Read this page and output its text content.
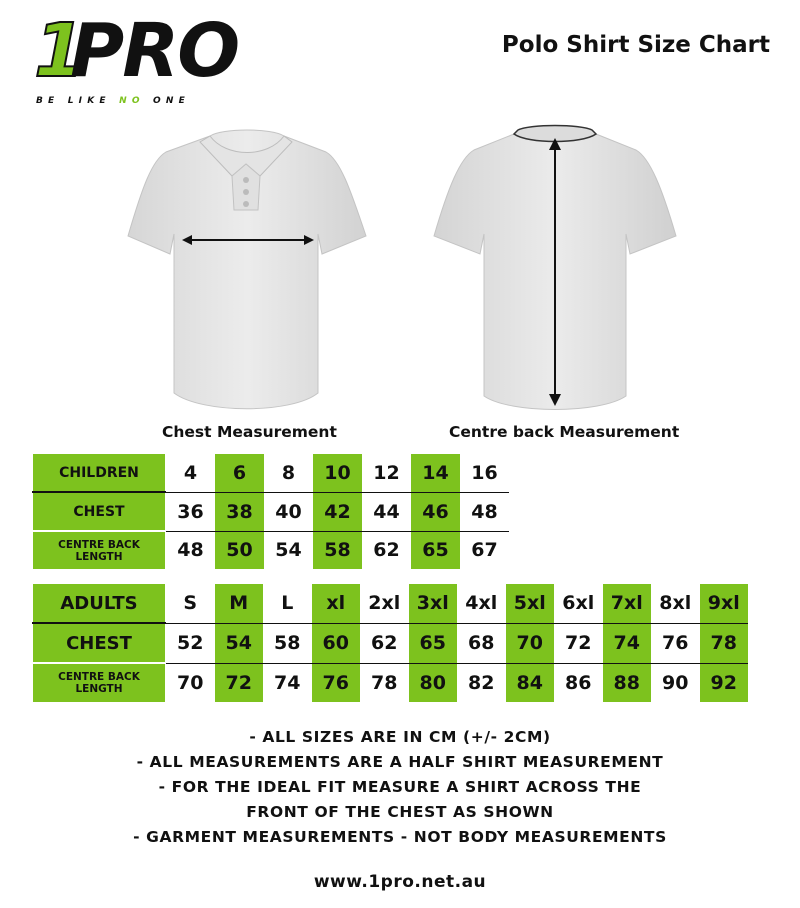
1
PRO
BE LIKE NO ONE
Polo Shirt Size Chart
Chest Measurement	Centre back Measurement
CHILDREN	4	6	8	10	12	14	16
CHEST	36	38	40	42	44	46	48
CENTRE BACK LENGTH	48	50	54	58	62	65	67
ADULTS	S	M	L	xl	2xl	3xl	4xl	5xl	6xl	7xl	8xl	9xl
CHEST	52	54	58	60	62	65	68	70	72	74	76	78
CENTRE BACK LENGTH	70	72	74	76	78	80	82	84	86	88	90	92
- ALL SIZES ARE IN CM (+/- 2CM)
- ALL MEASUREMENTS ARE A HALF SHIRT MEASUREMENT
- FOR THE IDEAL FIT MEASURE A SHIRT ACROSS THE
FRONT OF THE CHEST AS SHOWN
- GARMENT MEASUREMENTS - NOT BODY MEASUREMENTS
www.1pro.net.au
